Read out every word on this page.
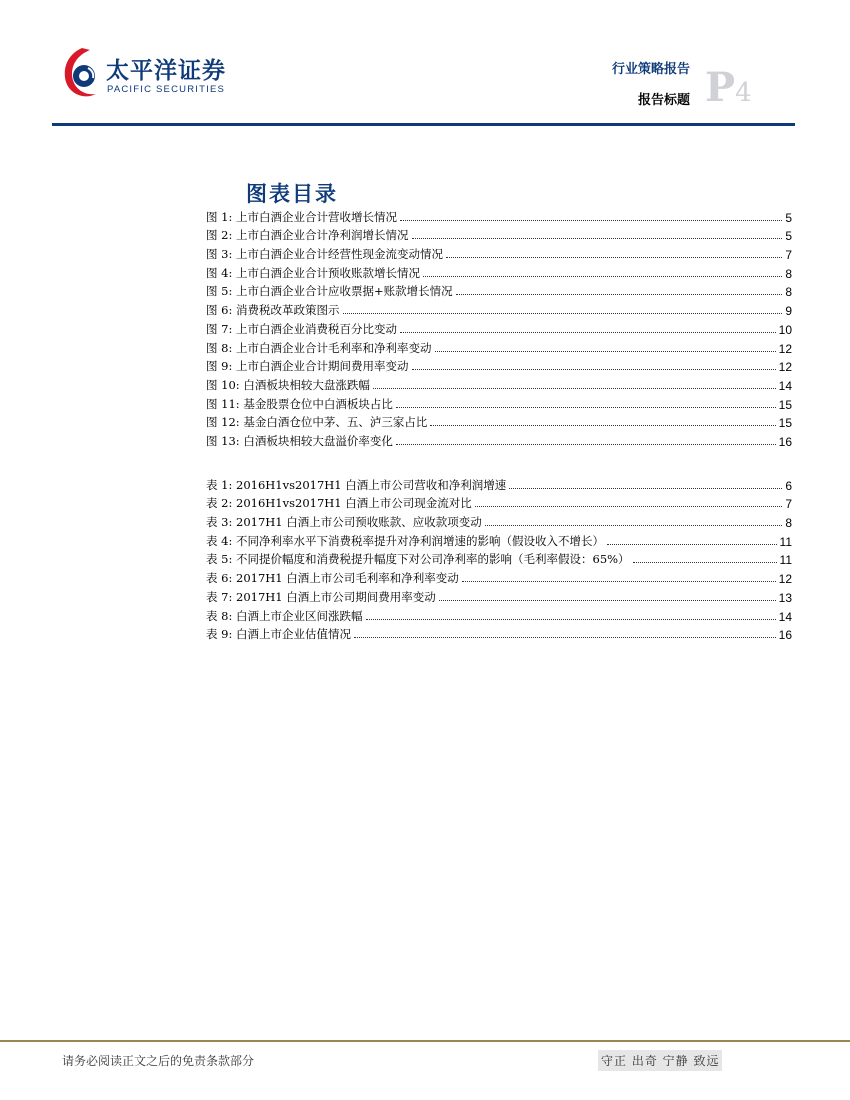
太平洋证券
PACIFIC SECURITIES
行业策略报告
报告标题 P4
图表目录
图 1: 上市白酒企业合计营收增长情况	5
图 2: 上市白酒企业合计净利润增长情况	5
图 3: 上市白酒企业合计经营性现金流变动情况	7
图 4: 上市白酒企业合计预收账款增长情况	8
图 5: 上市白酒企业合计应收票据+账款增长情况	8
图 6: 消费税改革政策图示	9
图 7: 上市白酒企业消费税百分比变动	10
图 8: 上市白酒企业合计毛利率和净利率变动	12
图 9: 上市白酒企业合计期间费用率变动	12
图 10: 白酒板块相较大盘涨跌幅	14
图 11: 基金股票仓位中白酒板块占比	15
图 12: 基金白酒仓位中茅、五、泸三家占比	15
图 13: 白酒板块相较大盘溢价率变化	16
表 1: 2016H1vs2017H1 白酒上市公司营收和净利润增速	6
表 2: 2016H1vs2017H1 白酒上市公司现金流对比	7
表 3: 2017H1 白酒上市公司预收账款、应收款项变动	8
表 4: 不同净利率水平下消费税率提升对净利润增速的影响（假设收入不增长）	11
表 5: 不同提价幅度和消费税提升幅度下对公司净利率的影响（毛利率假设：65%）	11
表 6: 2017H1 白酒上市公司毛利率和净利率变动	12
表 7: 2017H1 白酒上市公司期间费用率变动	13
表 8: 白酒上市企业区间涨跌幅	14
表 9: 白酒上市企业估值情况	16
请务必阅读正文之后的免责条款部分	守正 出奇 宁静 致远
